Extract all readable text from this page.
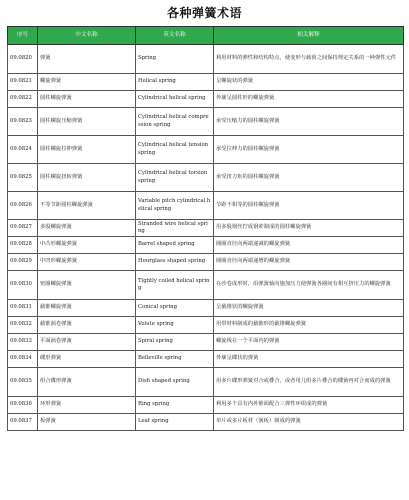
各种弹簧术语
序号	中文名称	英文名称	相关解释
09.0820	弹簧	Spring	利用材料的弹性和结构特点，使变形与载荷之间保持规定关系的一种弹性元件
09.0821	螺旋弹簧	Helical spring	呈螺旋状的弹簧
09.0822	圆柱螺旋弹簧	Cylindrical helical spring	外廓呈圆柱形的螺旋弹簧
09.0823	圆柱螺旋压缩弹簧	Cylindrical helical compression spring	承受压缩力的圆柱螺旋弹簧
09.0824	圆柱螺旋拉伸弹簧	Cylindrical helical tension spring	承受拉伸力的圆柱螺旋弹簧
09.0825	圆柱螺旋扭转弹簧	Cylindrical helical torsion spring	承受扭力矩的圆柱螺旋弹簧
09.0826	不等节距圆柱螺旋弹簧	Variable pitch cylindrical helical spring	节距不相等的圆柱螺旋弹簧
09.0827	多股螺旋弹簧	Stranded wire helical spring	用多股钢丝拧成钢索制成的圆柱螺旋弹簧
09.0828	中凸形螺旋弹簧	Barrel shaped spring	圈圈直径向两端递减的螺旋弹簧
09.0829	中凹形螺旋弹簧	Hourglass shaped spring	圈圈直径向两端递增的螺旋弹簧
09.0830	密圈螺旋弹簧	Tightly coiled helical spring	在沙卷成形时，沿弹簧轴向施加压力使弹簧各圈间有相互挤压力的螺旋弹簧
09.0831	截锥螺旋弹簧	Conical spring	呈截锥状的螺旋弹簧
09.0832	截锥涡卷弹簧	Volute spring	用带材料制成的截锥形的截锥螺旋弹簧
09.0833	平面涡卷弹簧	Spiral spring	螺旋线在一个平面内的弹簧
09.0834	碟形弹簧	Belleville spring	外廓呈碟状的弹簧
09.0835	组合碟形弹簧	Dish shaped spring	用多片碟形弹簧对合或叠合，或者用几组多片叠合的碟簧再对合而成的弹簧
09.0836	环形弹簧	Ring spring	利用多个具有内外锥面配合三弹性环组成的弹簧
09.0837	板弹簧	Leaf spring	单片或多片板材（簧板）制成的弹簧
